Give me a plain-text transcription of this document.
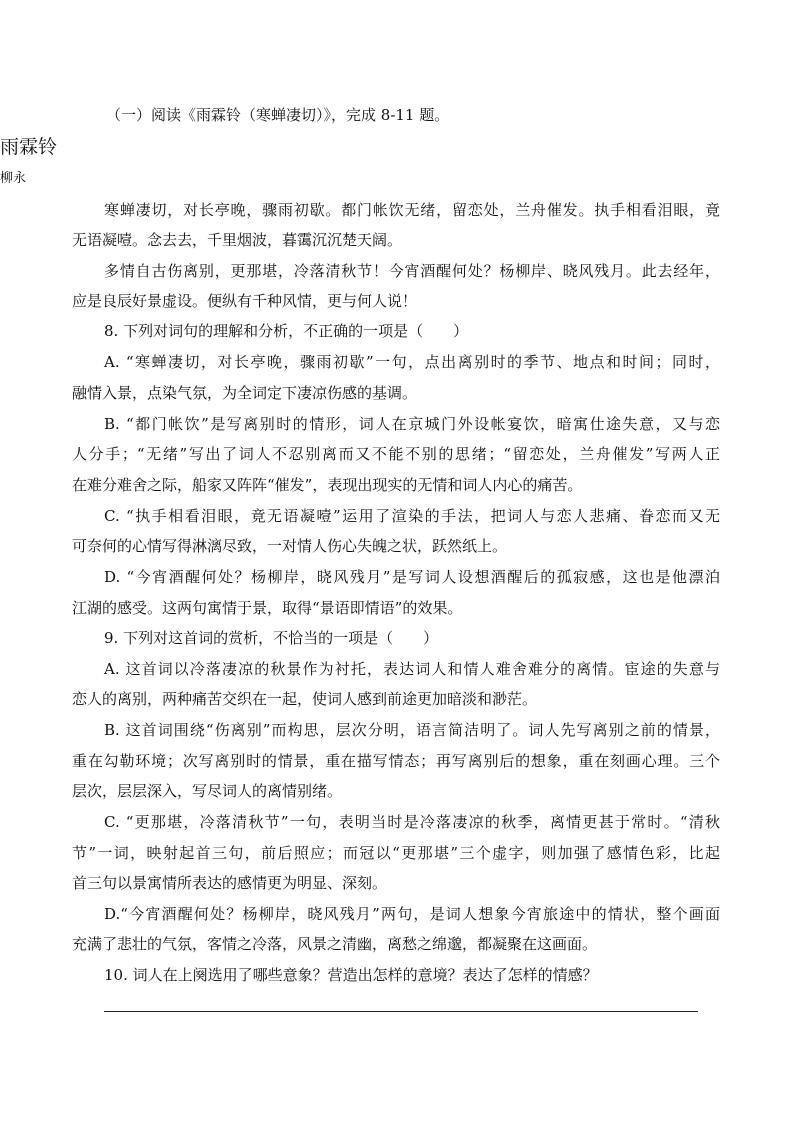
（一）阅读《雨霖铃（寒蝉凄切）》，完成 8-11 题。
雨霖铃
柳永
寒蝉凄切，对长亭晚，骤雨初歇。都门帐饮无绪，留恋处，兰舟催发。执手相看泪眼，竟
无语凝噎。念去去，千里烟波，暮霭沉沉楚天阔。
多情自古伤离别，更那堪，冷落清秋节！今宵酒醒何处？杨柳岸、晓风残月。此去经年，
应是良辰好景虚设。便纵有千种风情，更与何人说！
8. 下列对词句的理解和分析，不正确的一项是（　　）
A. “寒蝉凄切，对长亭晚，骤雨初歇”一句，点出离别时的季节、地点和时间；同时，
融情入景，点染气氛，为全词定下凄凉伤感的基调。
B. “都门帐饮”是写离别时的情形，词人在京城门外设帐宴饮，暗寓仕途失意，又与恋
人分手；“无绪”写出了词人不忍别离而又不能不别的思绪；“留恋处，兰舟催发”写两人正
在难分难舍之际，船家又阵阵“催发”，表现出现实的无情和词人内心的痛苦。
C. “执手相看泪眼，竟无语凝噎”运用了渲染的手法，把词人与恋人悲痛、眷恋而又无
可奈何的心情写得淋漓尽致，一对情人伤心失魄之状，跃然纸上。
D. “今宵酒醒何处？杨柳岸，晓风残月”是写词人设想酒醒后的孤寂感，这也是他漂泊
江湖的感受。这两句寓情于景，取得“景语即情语”的效果。
9. 下列对这首词的赏析，不恰当的一项是（　　）
A. 这首词以冷落凄凉的秋景作为衬托，表达词人和情人难舍难分的离情。宦途的失意与
恋人的离别，两种痛苦交织在一起，使词人感到前途更加暗淡和渺茫。
B. 这首词围绕“伤离别”而构思，层次分明，语言简洁明了。词人先写离别之前的情景，
重在勾勒环境；次写离别时的情景，重在描写情态；再写离别后的想象，重在刻画心理。三个
层次，层层深入，写尽词人的离情别绪。
C. “更那堪，冷落清秋节”一句，表明当时是冷落凄凉的秋季，离情更甚于常时。“清秋
节”一词，映射起首三句，前后照应；而冠以“更那堪”三个虚字，则加强了感情色彩，比起
首三句以景寓情所表达的感情更为明显、深刻。
D.“今宵酒醒何处？杨柳岸，晓风残月”两句，是词人想象今宵旅途中的情状，整个画面
充满了悲壮的气氛，客情之冷落，风景之清幽，离愁之绵邈，都凝聚在这画面。
10. 词人在上阕选用了哪些意象？营造出怎样的意境？表达了怎样的情感？
